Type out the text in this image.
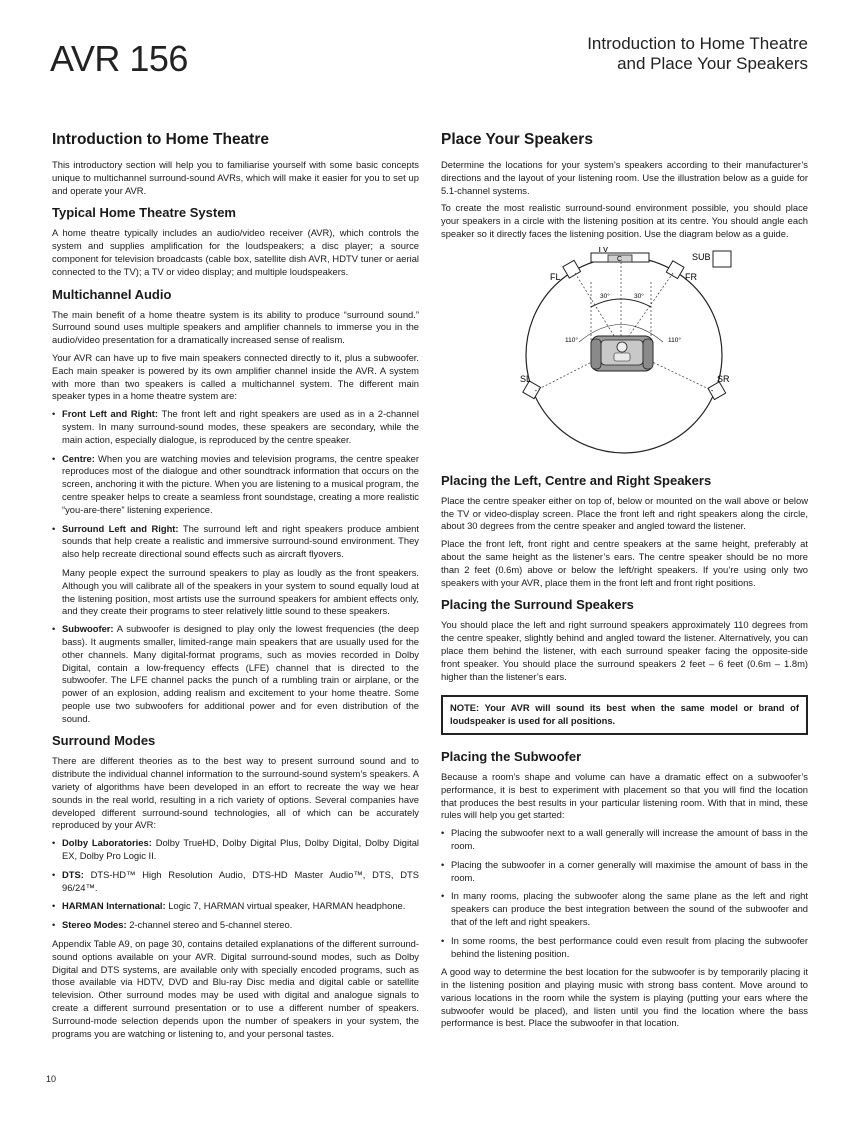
AVR 156	Introduction to Home Theatre
and Place Your Speakers
Introduction to Home Theatre

This introductory section will help you to familiarise yourself with some basic concepts unique to multichannel surround-sound AVRs, which will make it easier for you to set up and operate your AVR.

Typical Home Theatre System

A home theatre typically includes an audio/video receiver (AVR), which controls the system and supplies amplification for the loudspeakers; a disc player; a source component for television broadcasts (cable box, satellite dish AVR, HDTV tuner or aerial connected to the TV); a TV or video display; and multiple loudspeakers.

Multichannel Audio

The main benefit of a home theatre system is its ability to produce “surround sound.” Surround sound uses multiple speakers and amplifier channels to immerse you in the audio/video presentation for a dramatically increased sense of realism.

Your AVR can have up to five main speakers connected directly to it, plus a subwoofer. Each main speaker is powered by its own amplifier channel inside the AVR. A system with more than two speakers is called a multichannel system. The different main speaker types in a home theatre system are:

• Front Left and Right: The front left and right speakers are used as in a 2-channel system. In many surround-sound modes, these speakers are secondary, while the main action, especially dialogue, is reproduced by the centre speaker.
• Centre: When you are watching movies and television programs, the centre speaker reproduces most of the dialogue and other soundtrack information that occurs on the screen, anchoring it with the picture. When you are listening to a musical program, the centre speaker helps to create a seamless front soundstage, creating a more realistic “you-are-there” listening experience.
• Surround Left and Right: The surround left and right speakers produce ambient sounds that help create a realistic and immersive surround-sound environment. They also help recreate directional sound effects such as aircraft flyovers.

Many people expect the surround speakers to play as loudly as the front speakers. Although you will calibrate all of the speakers in your system to sound equally loud at the listening position, most artists use the surround speakers for ambient effects only, and they create their programs to steer relatively little sound to these speakers.

• Subwoofer: A subwoofer is designed to play only the lowest frequencies (the deep bass). It augments smaller, limited-range main speakers that are usually used for the other channels. Many digital-format programs, such as movies recorded in Dolby Digital, contain a low-frequency effects (LFE) channel that is directed to the subwoofer. The LFE channel packs the punch of a rumbling train or airplane, or the power of an explosion, adding realism and excitement to your home theatre. Some people use two subwoofers for additional power and for even distribution of the sound.
Surround Modes

There are different theories as to the best way to present surround sound and to distribute the individual channel information to the surround-sound system’s speakers. A variety of algorithms have been developed in an effort to recreate the way we hear sounds in the real world, resulting in a rich variety of options. Several companies have developed different surround-sound technologies, all of which can be accurately reproduced by your AVR:

• Dolby Laboratories: Dolby TrueHD, Dolby Digital Plus, Dolby Digital, Dolby Digital EX, Dolby Pro Logic II.
• DTS: DTS-HD™ High Resolution Audio, DTS-HD Master Audio™, DTS, DTS 96/24™.
• HARMAN International: Logic 7, HARMAN virtual speaker, HARMAN headphone.
• Stereo Modes: 2-channel stereo and 5-channel stereo.

Appendix Table A9, on page 30, contains detailed explanations of the different surround-sound options available on your AVR. Digital surround-sound modes, such as Dolby Digital and DTS systems, are available only with specially encoded programs, such as those available via HDTV, DVD and Blu-ray Disc media and digital cable or satellite television. Other surround modes may be used with digital and analogue signals to create a different surround presentation or to use a different number of speakers. Surround-mode selection depends upon the number of speakers in your system, the programs you are watching or listening to, and your personal tastes.

Place Your Speakers

Determine the locations for your system’s speakers according to their manufacturer’s directions and the layout of your listening room. Use the illustration below as a guide for 5.1-channel systems.

To create the most realistic surround-sound environment possible, you should place your speakers in a circle with the listening position at its centre. You should angle each speaker so it directly faces the listening position. Use the diagram below as a guide.

TV
C	SUB
FL	FR
SL	SR
30°	30°
110°	110°
Placing the Left, Centre and Right Speakers

Place the centre speaker either on top of, below or mounted on the wall above or below the TV or video-display screen. Place the front left and right speakers along the circle, about 30 degrees from the centre speaker and angled toward the listener.

Place the front left, front right and centre speakers at the same height, preferably at about the same height as the listener’s ears. The centre speaker should be no more than 2 feet (0.6m) above or below the left/right speakers. If you’re using only two speakers with your AVR, place them in the front left and front right positions.

Placing the Surround Speakers

You should place the left and right surround speakers approximately 110 degrees from the centre speaker, slightly behind and angled toward the listener. Alternatively, you can place them behind the listener, with each surround speaker facing the opposite-side front speaker. You should place the surround speakers 2 feet – 6 feet (0.6m – 1.8m) higher than the listener’s ears.

NOTE: Your AVR will sound its best when the same model or brand of loudspeaker is used for all positions.
Placing the Subwoofer

Because a room’s shape and volume can have a dramatic effect on a subwoofer’s performance, it is best to experiment with placement so that you will find the location that produces the best results in your particular listening room. With that in mind, these rules will help you get started:

• Placing the subwoofer next to a wall generally will increase the amount of bass in the room.
• Placing the subwoofer in a corner generally will maximise the amount of bass in the room.
• In many rooms, placing the subwoofer along the same plane as the left and right speakers can produce the best integration between the sound of the subwoofer and that of the left and right speakers.
• In some rooms, the best performance could even result from placing the subwoofer behind the listening position.

A good way to determine the best location for the subwoofer is by temporarily placing it in the listening position and playing music with strong bass content. Move around to various locations in the room while the system is playing (putting your ears where the subwoofer would be placed), and listen until you find the location where the bass performance is best. Place the subwoofer in that location.

10
